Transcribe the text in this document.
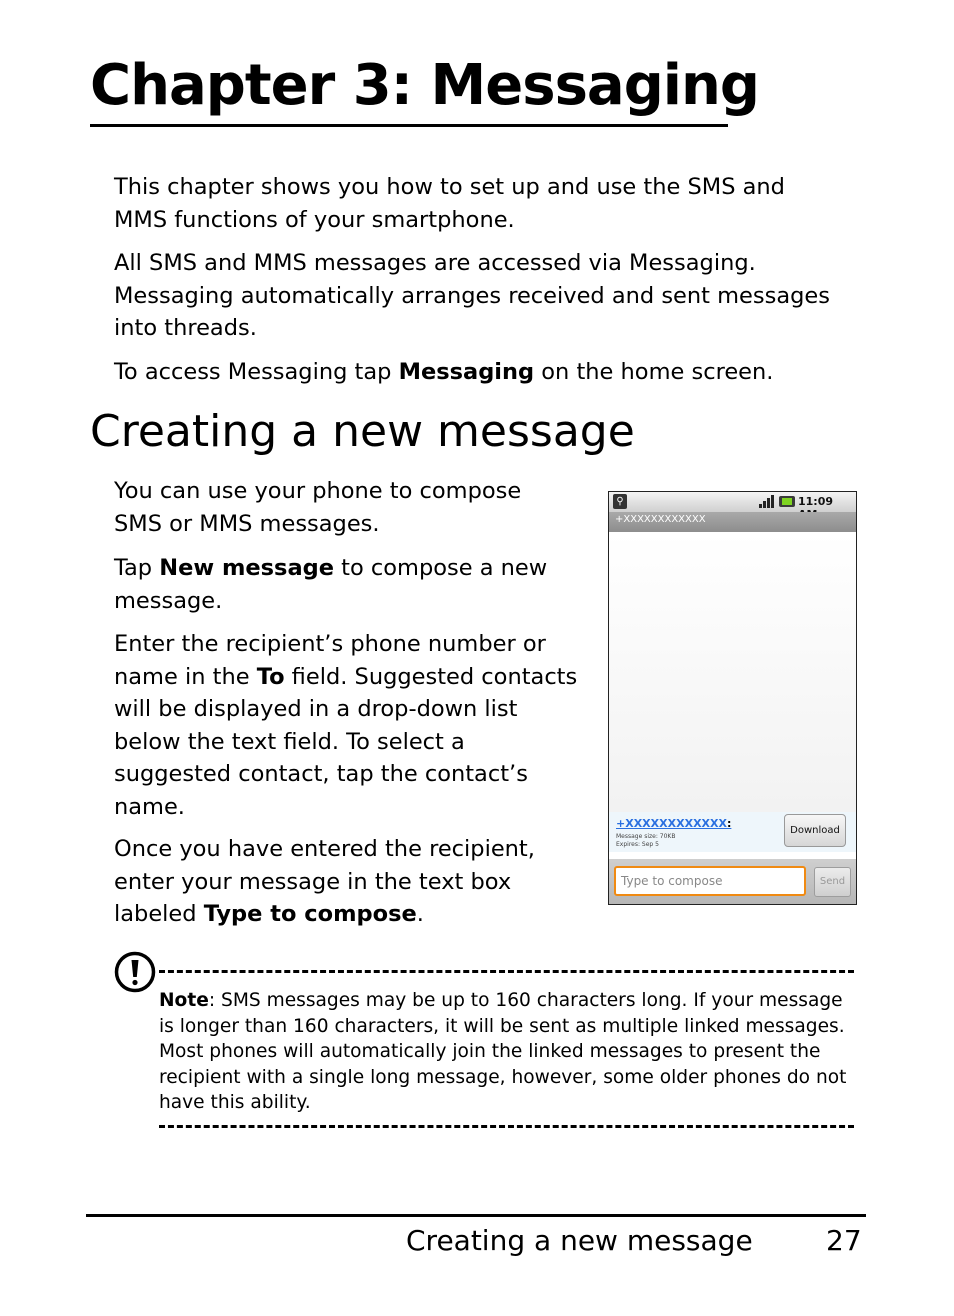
Chapter 3: Messaging

This chapter shows you how to set up and use the SMS and MMS functions of your smartphone.

All SMS and MMS messages are accessed via Messaging. Messaging automatically arranges received and sent messages into threads.

To access Messaging tap Messaging on the home screen.

Creating a new message

You can use your phone to compose SMS or MMS messages.

Tap New message to compose a new message.

Enter the recipient’s phone number or name in the To field. Suggested contacts will be displayed in a drop-down list below the text field. To select a suggested contact, tap the contact’s name.

Once you have entered the recipient, enter your message in the text box labeled Type to compose.

⚲	11:09
+XXXXXXXXXXXX
+XXXXXXXXXXXX:
Message size: 70KB
Expires: Sep 5
Download
Type to compose	Send

Note: SMS messages may be up to 160 characters long. If your message is longer than 160 characters, it will be sent as multiple linked messages. Most phones will automatically join the linked messages to present the recipient with a single long message, however, some older phones do not have this ability.

Creating a new message	27
